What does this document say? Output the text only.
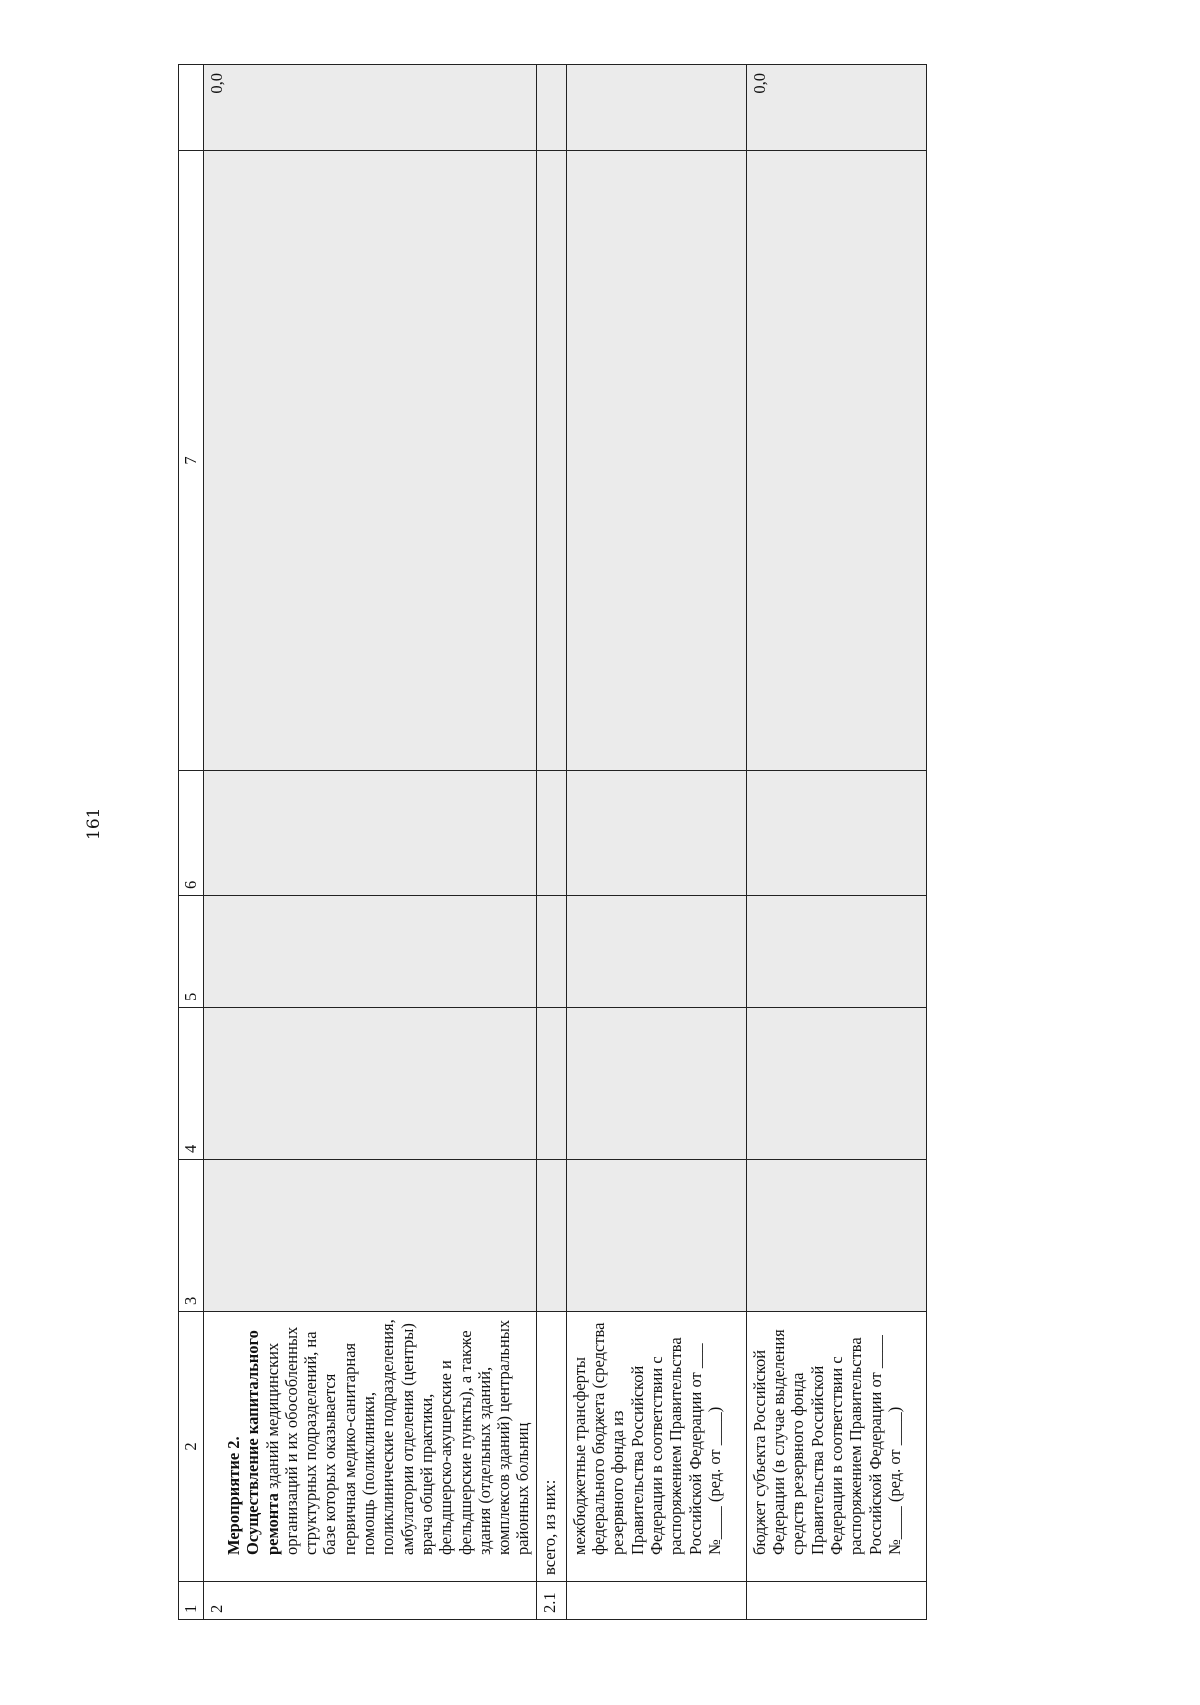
161
1	2	3	4	5	6	7	
2	Мероприятие 2.
Осуществление капитального ремонта зданий медицинских организаций и их обособленных структурных подразделений, на базе которых оказывается первичная медико-санитарная помощь (поликлиники, поликлинические подразделения, амбулатории отделения (центры) врача общей практики, фельдшерско-акушерские и фельдшерские пункты), а также здания (отдельных зданий, комплексов зданий) центральных районных больниц						0,0
2.1	всего, из них:						
	межбюджетные трансферты федерального бюджета (средства резервного фонда из Правительства Российской Федерации в соответствии с распоряжением Правительства Российской Федерации от ___ №____ (ред. от ____)						
	бюджет субъекта Российской Федерации (в случае выделения средств резервного фонда Правительства Российской Федерации в соответствии с распоряжением Правительства Российской Федерации от ____ №____ (ред. от ____)						0,0
